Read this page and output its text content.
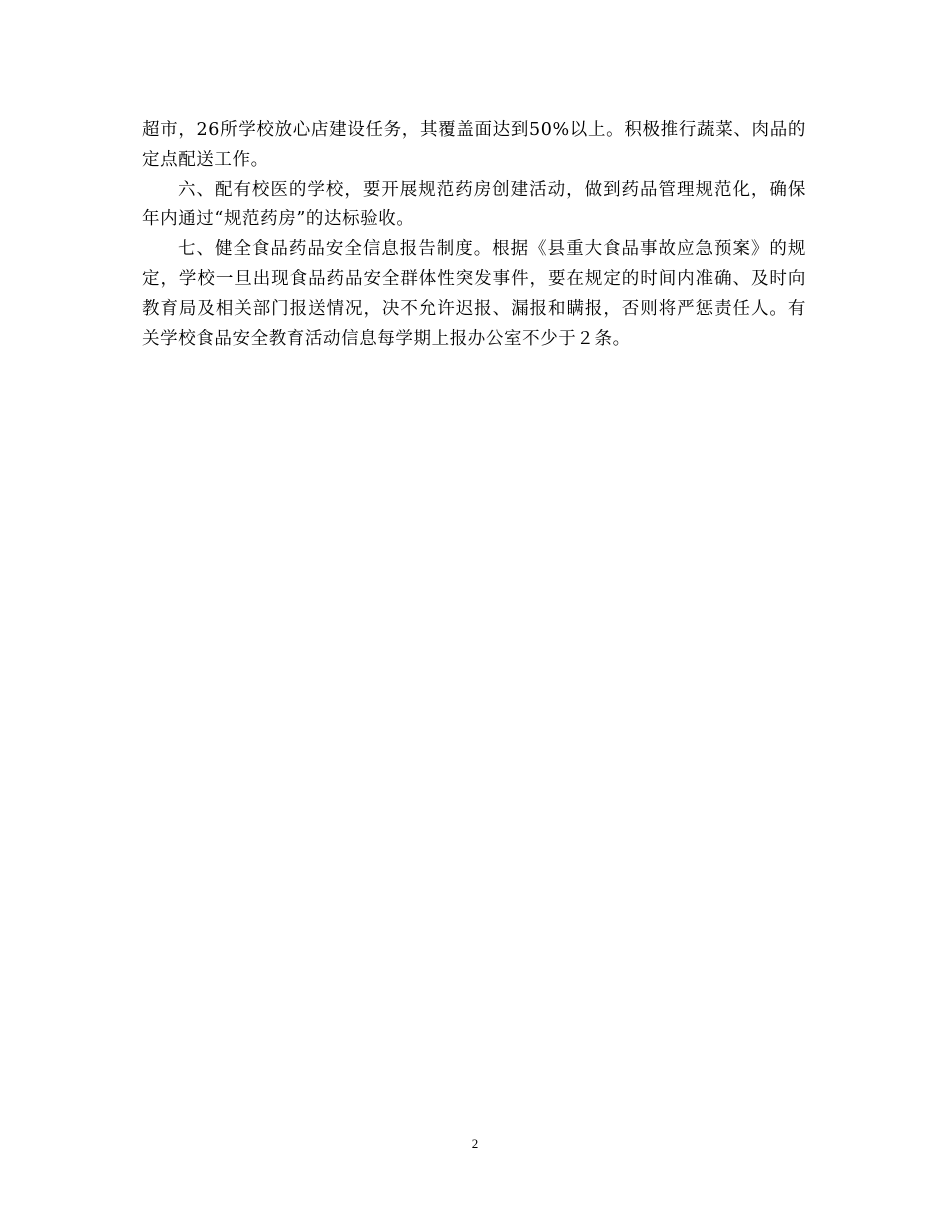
超市，26所学校放心店建设任务，其覆盖面达到50%以上。积极推行蔬菜、肉品的定点配送工作。

六、配有校医的学校，要开展规范药房创建活动，做到药品管理规范化，确保年内通过“规范药房”的达标验收。

七、健全食品药品安全信息报告制度。根据《县重大食品事故应急预案》的规定，学校一旦出现食品药品安全群体性突发事件，要在规定的时间内准确、及时向教育局及相关部门报送情况，决不允许迟报、漏报和瞒报，否则将严惩责任人。有关学校食品安全教育活动信息每学期上报办公室不少于２条。

2
